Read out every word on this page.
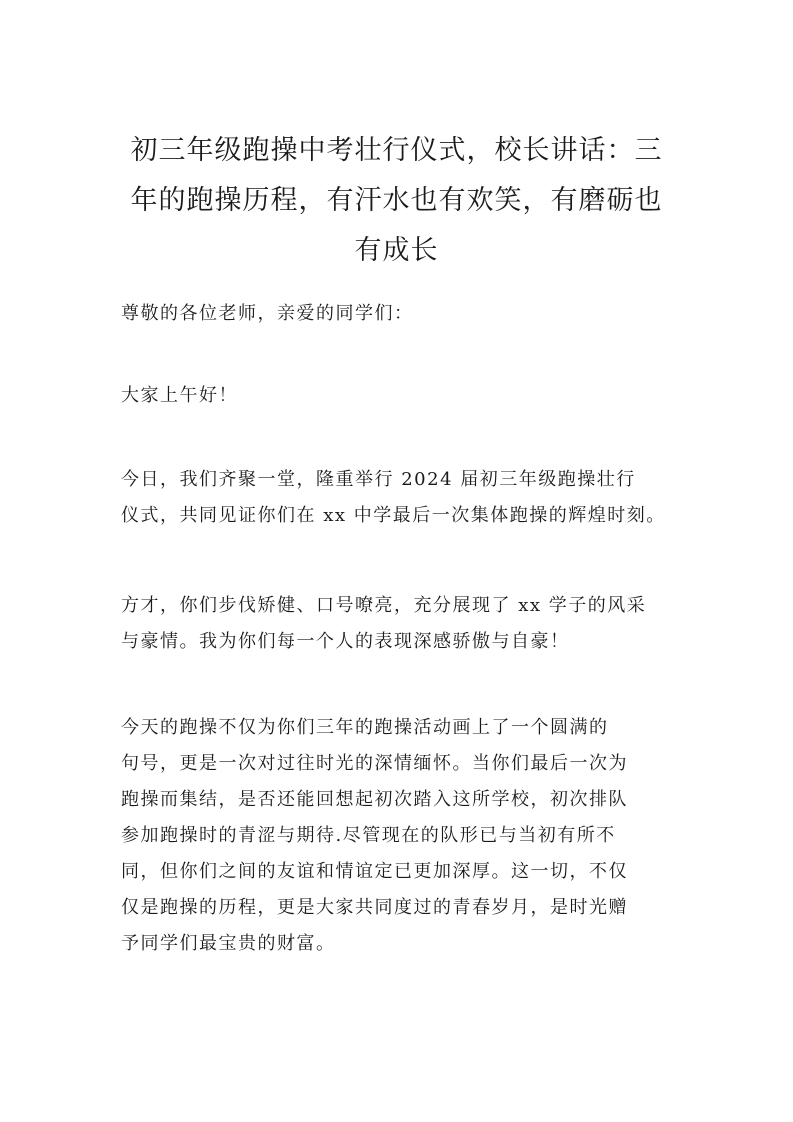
初三年级跑操中考壮行仪式，校长讲话：三
年的跑操历程，有汗水也有欢笑，有磨砺也
有成长

尊敬的各位老师，亲爱的同学们：

大家上午好！

今日，我们齐聚一堂，隆重举行 2024 届初三年级跑操壮行
仪式，共同见证你们在 xx 中学最后一次集体跑操的辉煌时刻。

方才，你们步伐矫健、口号嘹亮，充分展现了 xx 学子的风采
与豪情。我为你们每一个人的表现深感骄傲与自豪！

今天的跑操不仅为你们三年的跑操活动画上了一个圆满的
句号，更是一次对过往时光的深情缅怀。当你们最后一次为
跑操而集结，是否还能回想起初次踏入这所学校，初次排队
参加跑操时的青涩与期待.尽管现在的队形已与当初有所不
同，但你们之间的友谊和情谊定已更加深厚。这一切，不仅
仅是跑操的历程，更是大家共同度过的青春岁月，是时光赠
予同学们最宝贵的财富。
